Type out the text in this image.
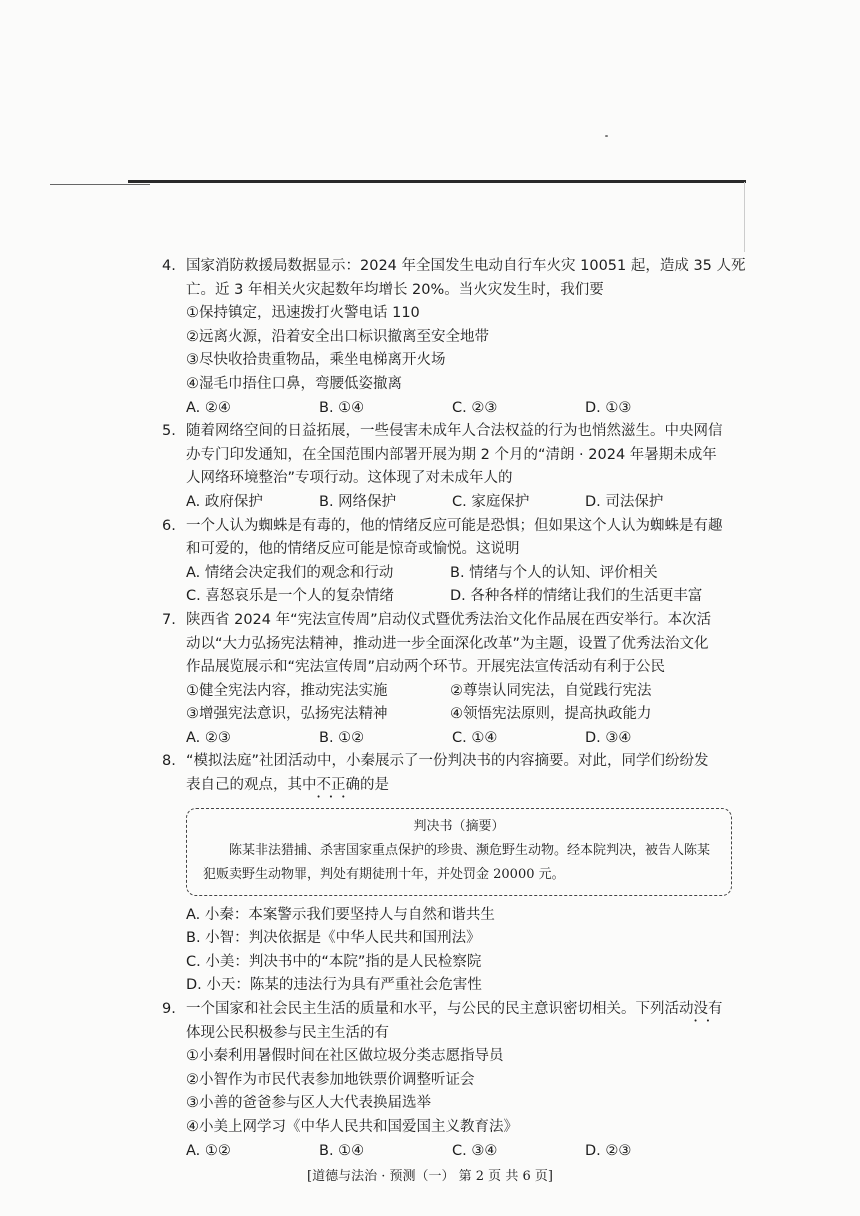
4. 国家消防救援局数据显示：2024 年全国发生电动自行车火灾 10051 起，造成 35 人死
亡。近 3 年相关火灾起数年均增长 20%。当火灾发生时，我们要
①保持镇定，迅速拨打火警电话 110
②远离火源，沿着安全出口标识撤离至安全地带
③尽快收拾贵重物品，乘坐电梯离开火场
④湿毛巾捂住口鼻，弯腰低姿撤离
A. ②④	B. ①④	C. ②③	D. ①③
5. 随着网络空间的日益拓展，一些侵害未成年人合法权益的行为也悄然滋生。中央网信
办专门印发通知，在全国范围内部署开展为期 2 个月的“清朗 · 2024 年暑期未成年
人网络环境整治”专项行动。这体现了对未成年人的
A. 政府保护	B. 网络保护	C. 家庭保护	D. 司法保护
6. 一个人认为蜘蛛是有毒的，他的情绪反应可能是恐惧；但如果这个人认为蜘蛛是有趣
和可爱的，他的情绪反应可能是惊奇或愉悦。这说明
A. 情绪会决定我们的观念和行动	B. 情绪与个人的认知、评价相关
C. 喜怒哀乐是一个人的复杂情绪	D. 各种各样的情绪让我们的生活更丰富
7. 陕西省 2024 年“宪法宣传周”启动仪式暨优秀法治文化作品展在西安举行。本次活
动以“大力弘扬宪法精神，推动进一步全面深化改革”为主题，设置了优秀法治文化
作品展览展示和“宪法宣传周”启动两个环节。开展宪法宣传活动有利于公民
①健全宪法内容，推动宪法实施	②尊崇认同宪法，自觉践行宪法
③增强宪法意识，弘扬宪法精神	④领悟宪法原则，提高执政能力
A. ②③	B. ①②	C. ①④	D. ③④
8. “模拟法庭”社团活动中，小秦展示了一份判决书的内容摘要。对此，同学们纷纷发
表自己的观点，其中不正确 • • •的是
判决书（摘要）
陈某非法猎捕、杀害国家重点保护的珍贵、濒危野生动物。经本院判决，被告人陈某犯贩卖野生动物罪，判处有期徒刑十年，并处罚金 20000 元。
A. 小秦：本案警示我们要坚持人与自然和谐共生
B. 小智：判决依据是《中华人民共和国刑法》
C. 小美：判决书中的“本院”指的是人民检察院
D. 小天：陈某的违法行为具有严重社会危害性
9. 一个国家和社会民主生活的质量和水平，与公民的民主意识密切相关。下列活动没有 • •
体现公民积极参与民主生活的有
①小秦利用暑假时间在社区做垃圾分类志愿指导员
②小智作为市民代表参加地铁票价调整听证会
③小善的爸爸参与区人大代表换届选举
④小美上网学习《中华人民共和国爱国主义教育法》
A. ①②	B. ①④	C. ③④	D. ②③
[道德与法治 · 预测（一） 第 2 页 共 6 页]
